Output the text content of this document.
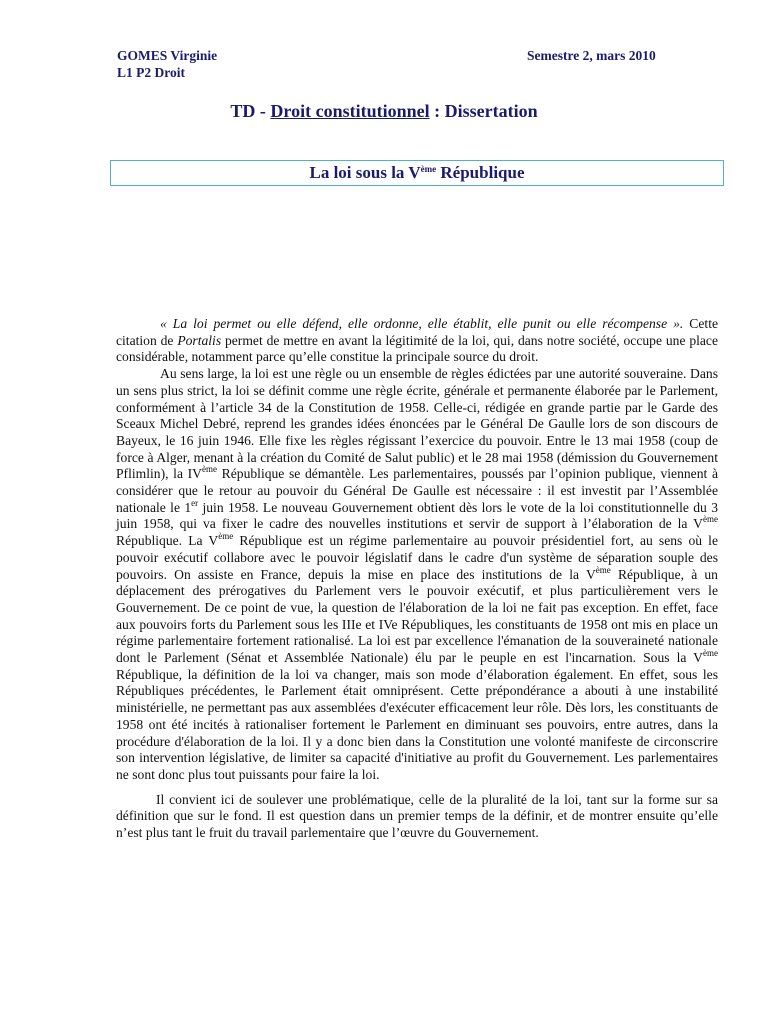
GOMES Virginie
L1 P2 Droit
Semestre 2, mars 2010
TD - Droit constitutionnel : Dissertation
La loi sous la Vème République

« La loi permet ou elle défend, elle ordonne, elle établit, elle punit ou elle récompense ». Cette citation de Portalis permet de mettre en avant la légitimité de la loi, qui, dans notre société, occupe une place considérable, notamment parce qu’elle constitue la principale source du droit.

Au sens large, la loi est une règle ou un ensemble de règles édictées par une autorité souveraine. Dans un sens plus strict, la loi se définit comme une règle écrite, générale et permanente élaborée par le Parlement, conformément à l’article 34 de la Constitution de 1958. Celle-ci, rédigée en grande partie par le Garde des Sceaux Michel Debré, reprend les grandes idées énoncées par le Général De Gaulle lors de son discours de Bayeux, le 16 juin 1946. Elle fixe les règles régissant l’exercice du pouvoir. Entre le 13 mai 1958 (coup de force à Alger, menant à la création du Comité de Salut public) et le 28 mai 1958 (démission du Gouvernement Pflimlin), la IVème République se démantèle. Les parlementaires, poussés par l’opinion publique, viennent à considérer que le retour au pouvoir du Général De Gaulle est nécessaire : il est investit par l’Assemblée nationale le 1er juin 1958. Le nouveau Gouvernement obtient dès lors le vote de la loi constitutionnelle du 3 juin 1958, qui va fixer le cadre des nouvelles institutions et servir de support à l’élaboration de la Vème République. La Vème République est un régime parlementaire au pouvoir présidentiel fort, au sens où le pouvoir exécutif collabore avec le pouvoir législatif dans le cadre d'un système de séparation souple des pouvoirs. On assiste en France, depuis la mise en place des institutions de la Vème République, à un déplacement des prérogatives du Parlement vers le pouvoir exécutif, et plus particulièrement vers le Gouvernement. De ce point de vue, la question de l'élaboration de la loi ne fait pas exception. En effet, face aux pouvoirs forts du Parlement sous les IIIe et IVe Républiques, les constituants de 1958 ont mis en place un régime parlementaire fortement rationalisé. La loi est par excellence l'émanation de la souveraineté nationale dont le Parlement (Sénat et Assemblée Nationale) élu par le peuple en est l'incarnation. Sous la Vème République, la définition de la loi va changer, mais son mode d’élaboration également. En effet, sous les Républiques précédentes, le Parlement était omniprésent. Cette prépondérance a abouti à une instabilité ministérielle, ne permettant pas aux assemblées d'exécuter efficacement leur rôle. Dès lors, les constituants de 1958 ont été incités à rationaliser fortement le Parlement en diminuant ses pouvoirs, entre autres, dans la procédure d'élaboration de la loi. Il y a donc bien dans la Constitution une volonté manifeste de circonscrire son intervention législative, de limiter sa capacité d'initiative au profit du Gouvernement. Les parlementaires ne sont donc plus tout puissants pour faire la loi.

Il convient ici de soulever une problématique, celle de la pluralité de la loi, tant sur la forme sur sa définition que sur le fond. Il est question dans un premier temps de la définir, et de montrer ensuite qu’elle n’est plus tant le fruit du travail parlementaire que l’œuvre du Gouvernement.
